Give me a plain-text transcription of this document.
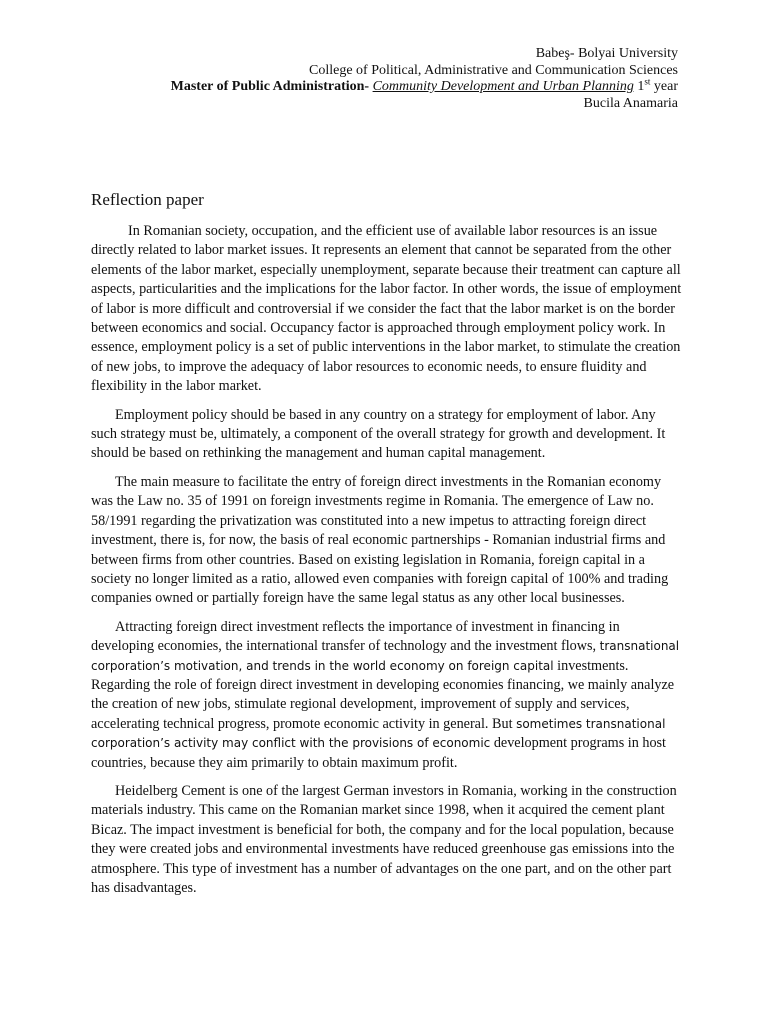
Babeş- Bolyai University
College of Political, Administrative and Communication Sciences
Master of Public Administration- Community Development and Urban Planning 1st year
Bucila Anamaria
Reflection paper

In Romanian society, occupation, and the efficient use of available labor resources is an issue directly related to labor market issues. It represents an element that cannot be separated from the other elements of the labor market, especially unemployment, separate because their treatment can capture all aspects, particularities and the implications for the labor factor. In other words, the issue of employment of labor is more difficult and controversial if we consider the fact that the labor market is on the border between economics and social. Occupancy factor is approached through employment policy work. In essence, employment policy is a set of public interventions in the labor market, to stimulate the creation of new jobs, to improve the adequacy of labor resources to economic needs, to ensure fluidity and flexibility in the labor market.

Employment policy should be based in any country on a strategy for employment of labor. Any such strategy must be, ultimately, a component of the overall strategy for growth and development. It should be based on rethinking the management and human capital management.

The main measure to facilitate the entry of foreign direct investments in the Romanian economy was the Law no. 35 of 1991 on foreign investments regime in Romania. The emergence of Law no. 58/1991 regarding the privatization was constituted into a new impetus to attracting foreign direct investment, there is, for now, the basis of real economic partnerships - Romanian industrial firms and between firms from other countries. Based on existing legislation in Romania, foreign capital in a society no longer limited as a ratio, allowed even companies with foreign capital of 100% and trading companies owned or partially foreign have the same legal status as any other local businesses.

Attracting foreign direct investment reflects the importance of investment in financing in developing economies, the international transfer of technology and the investment flows, transnational corporation’s motivation, and trends in the world economy on foreign capital investments. Regarding the role of foreign direct investment in developing economies financing, we mainly analyze the creation of new jobs, stimulate regional development, improvement of supply and services, accelerating technical progress, promote economic activity in general. But sometimes transnational corporation’s activity may conflict with the provisions of economic development programs in host countries, because they aim primarily to obtain maximum profit.

Heidelberg Cement is one of the largest German investors in Romania, working in the construction materials industry. This came on the Romanian market since 1998, when it acquired the cement plant Bicaz. The impact investment is beneficial for both, the company and for the local population, because they were created jobs and environmental investments have reduced greenhouse gas emissions into the atmosphere. This type of investment has a number of advantages on the one part, and on the other part has disadvantages.
